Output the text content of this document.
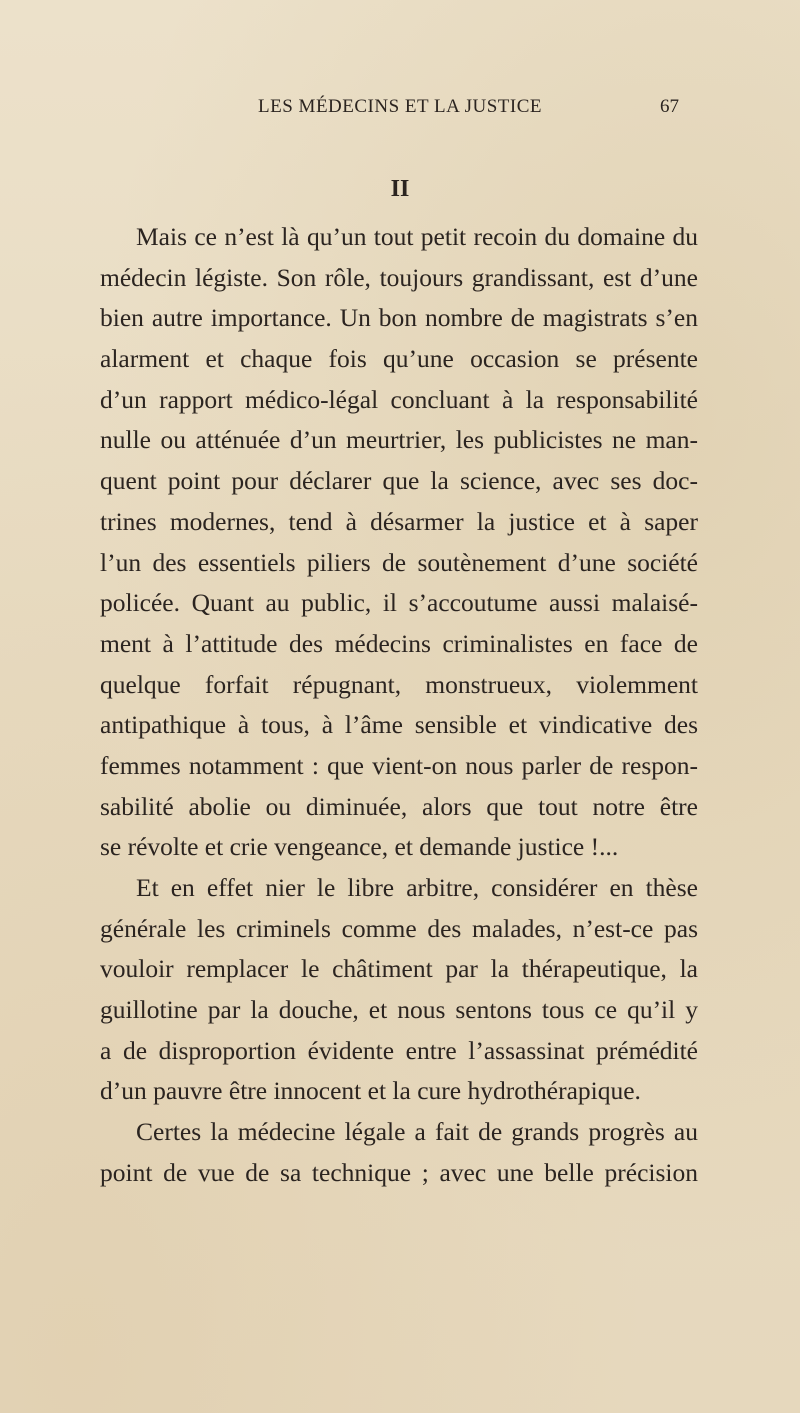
LES MÉDECINS ET LA JUSTICE	67
II
Mais ce n’est là qu’un tout petit recoin du domaine du
médecin légiste. Son rôle, toujours grandissant, est d’une
bien autre importance. Un bon nombre de magistrats s’en
alarment et chaque fois qu’une occasion se présente
d’un rapport médico-légal concluant à la responsabilité
nulle ou atténuée d’un meurtrier, les publicistes ne man-
quent point pour déclarer que la science, avec ses doc-
trines modernes, tend à désarmer la justice et à saper
l’un des essentiels piliers de soutènement d’une société
policée. Quant au public, il s’accoutume aussi malaisé-
ment à l’attitude des médecins criminalistes en face de
quelque forfait répugnant, monstrueux, violemment
antipathique à tous, à l’âme sensible et vindicative des
femmes notamment : que vient-on nous parler de respon-
sabilité abolie ou diminuée, alors que tout notre être
se révolte et crie vengeance, et demande justice !...
Et en effet nier le libre arbitre, considérer en thèse
générale les criminels comme des malades, n’est-ce pas
vouloir remplacer le châtiment par la thérapeutique, la
guillotine par la douche, et nous sentons tous ce qu’il y
a de disproportion évidente entre l’assassinat prémédité
d’un pauvre être innocent et la cure hydrothérapique.
Certes la médecine légale a fait de grands progrès au
point de vue de sa technique ; avec une belle précision
